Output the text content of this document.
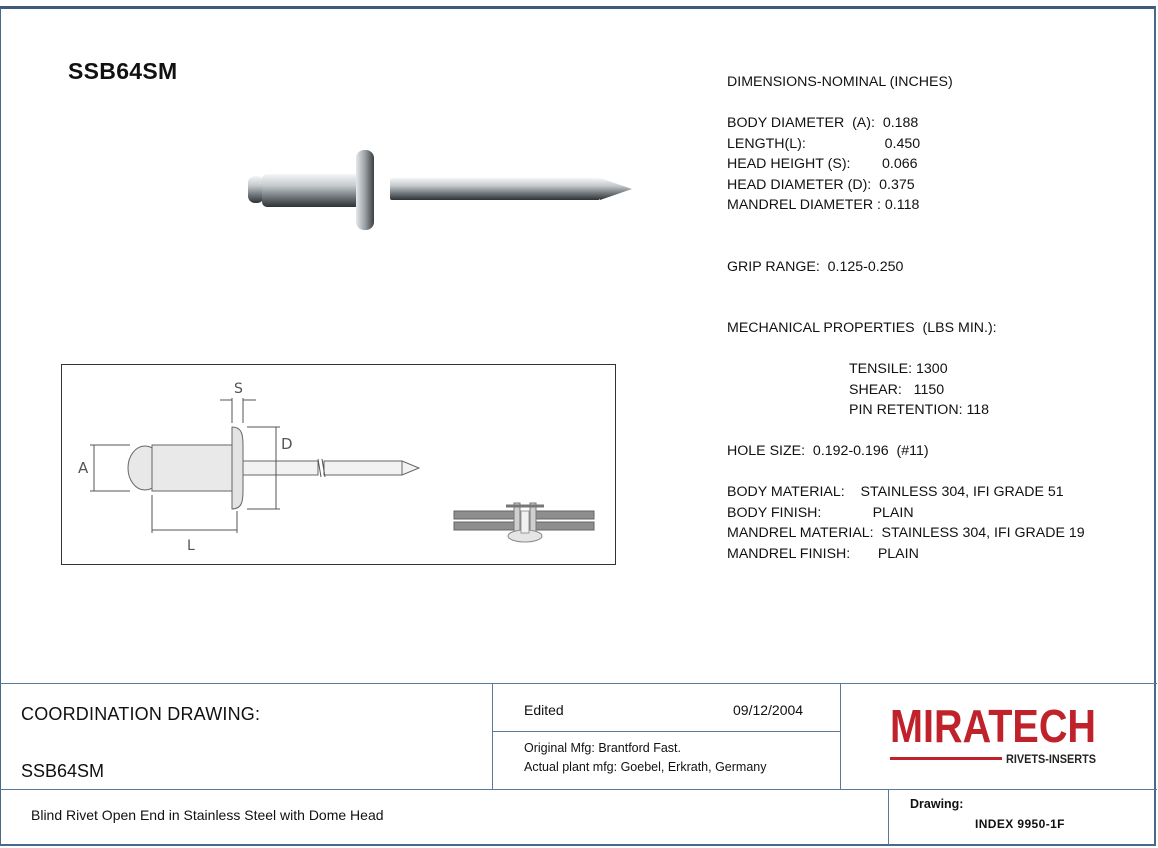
SSB64SM
A
L
S
D
DIMENSIONS-NOMINAL (INCHES)
BODY DIAMETER  (A):  0.188
LENGTH(L):                    0.450
HEAD HEIGHT (S):        0.066
HEAD DIAMETER (D):  0.375
MANDREL DIAMETER : 0.118
GRIP RANGE:  0.125-0.250
MECHANICAL PROPERTIES  (LBS MIN.):
TENSILE: 1300
SHEAR:   1150
PIN RETENTION: 118
HOLE SIZE:  0.192-0.196  (#11)
BODY MATERIAL:    STAINLESS 304, IFI GRADE 51
BODY FINISH:             PLAIN
MANDREL MATERIAL:  STAINLESS 304, IFI GRADE 19
MANDREL FINISH:       PLAIN
COORDINATION DRAWING:
SSB64SM
Edited	09/12/2004
Original Mfg: Brantford Fast.
Actual plant mfg: Goebel, Erkrath, Germany
Blind Rivet Open End in Stainless Steel with Dome Head
Drawing:
INDEX 9950-1F
MIRATECH
RIVETS-INSERTS
